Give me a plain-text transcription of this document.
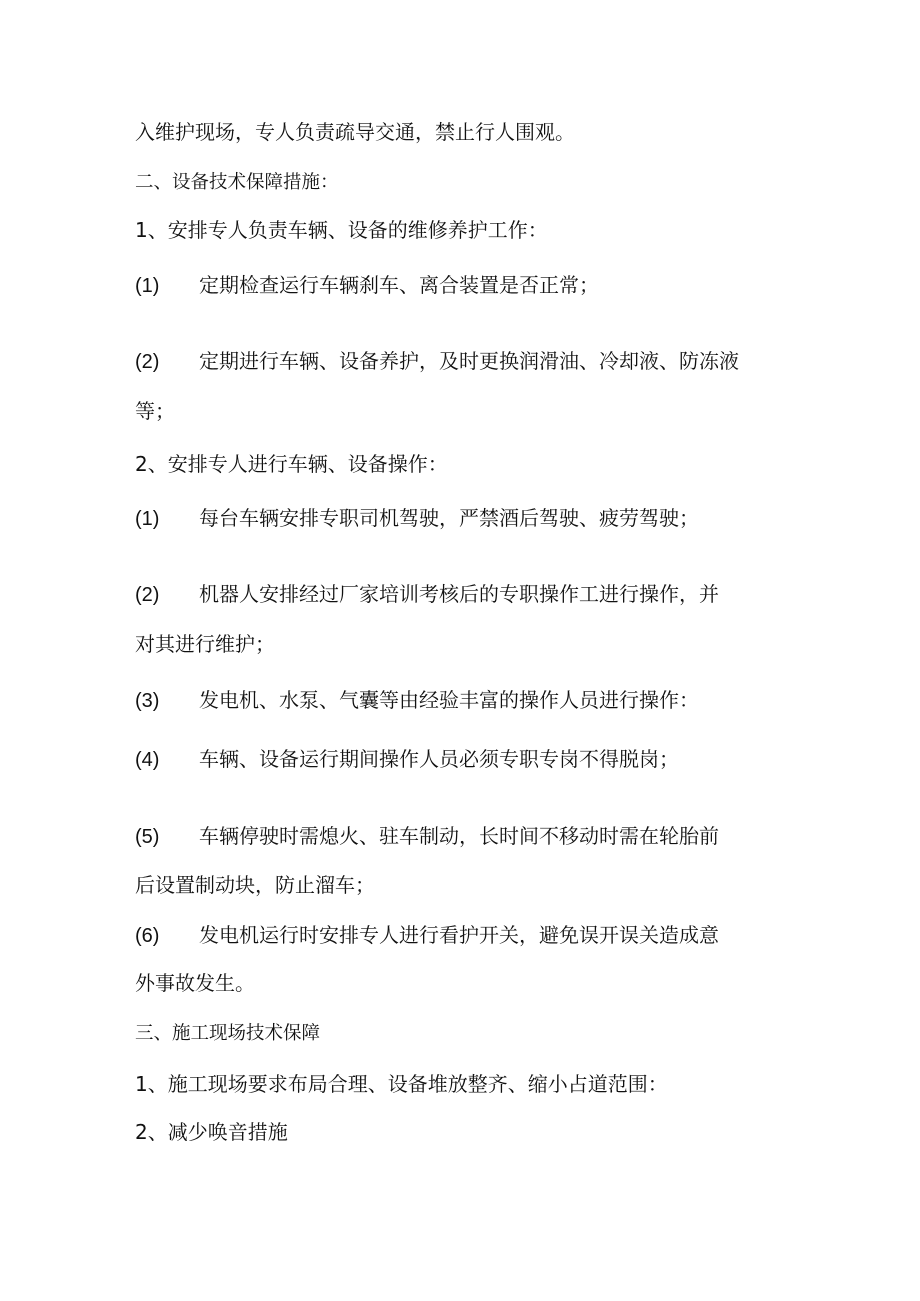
入维护现场，专人负责疏导交通，禁止行人围观。
二、设备技术保障措施：
1、安排专人负责车辆、设备的维修养护工作：
(1) 定期检查运行车辆刹车、离合装置是否正常；
(2) 定期进行车辆、设备养护，及时更换润滑油、冷却液、防冻液
等；
2、安排专人进行车辆、设备操作：
(1) 每台车辆安排专职司机驾驶，严禁酒后驾驶、疲劳驾驶；
(2) 机器人安排经过厂家培训考核后的专职操作工进行操作，并
对其进行维护；
(3) 发电机、水泵、气囊等由经验丰富的操作人员进行操作：
(4) 车辆、设备运行期间操作人员必须专职专岗不得脱岗；
(5) 车辆停驶时需熄火、驻车制动，长时间不移动时需在轮胎前
后设置制动块，防止溜车；
(6) 发电机运行时安排专人进行看护开关，避免误开误关造成意
外事故发生。
三、施工现场技术保障
1、施工现场要求布局合理、设备堆放整齐、缩小占道范围：
2、减少唤音措施
